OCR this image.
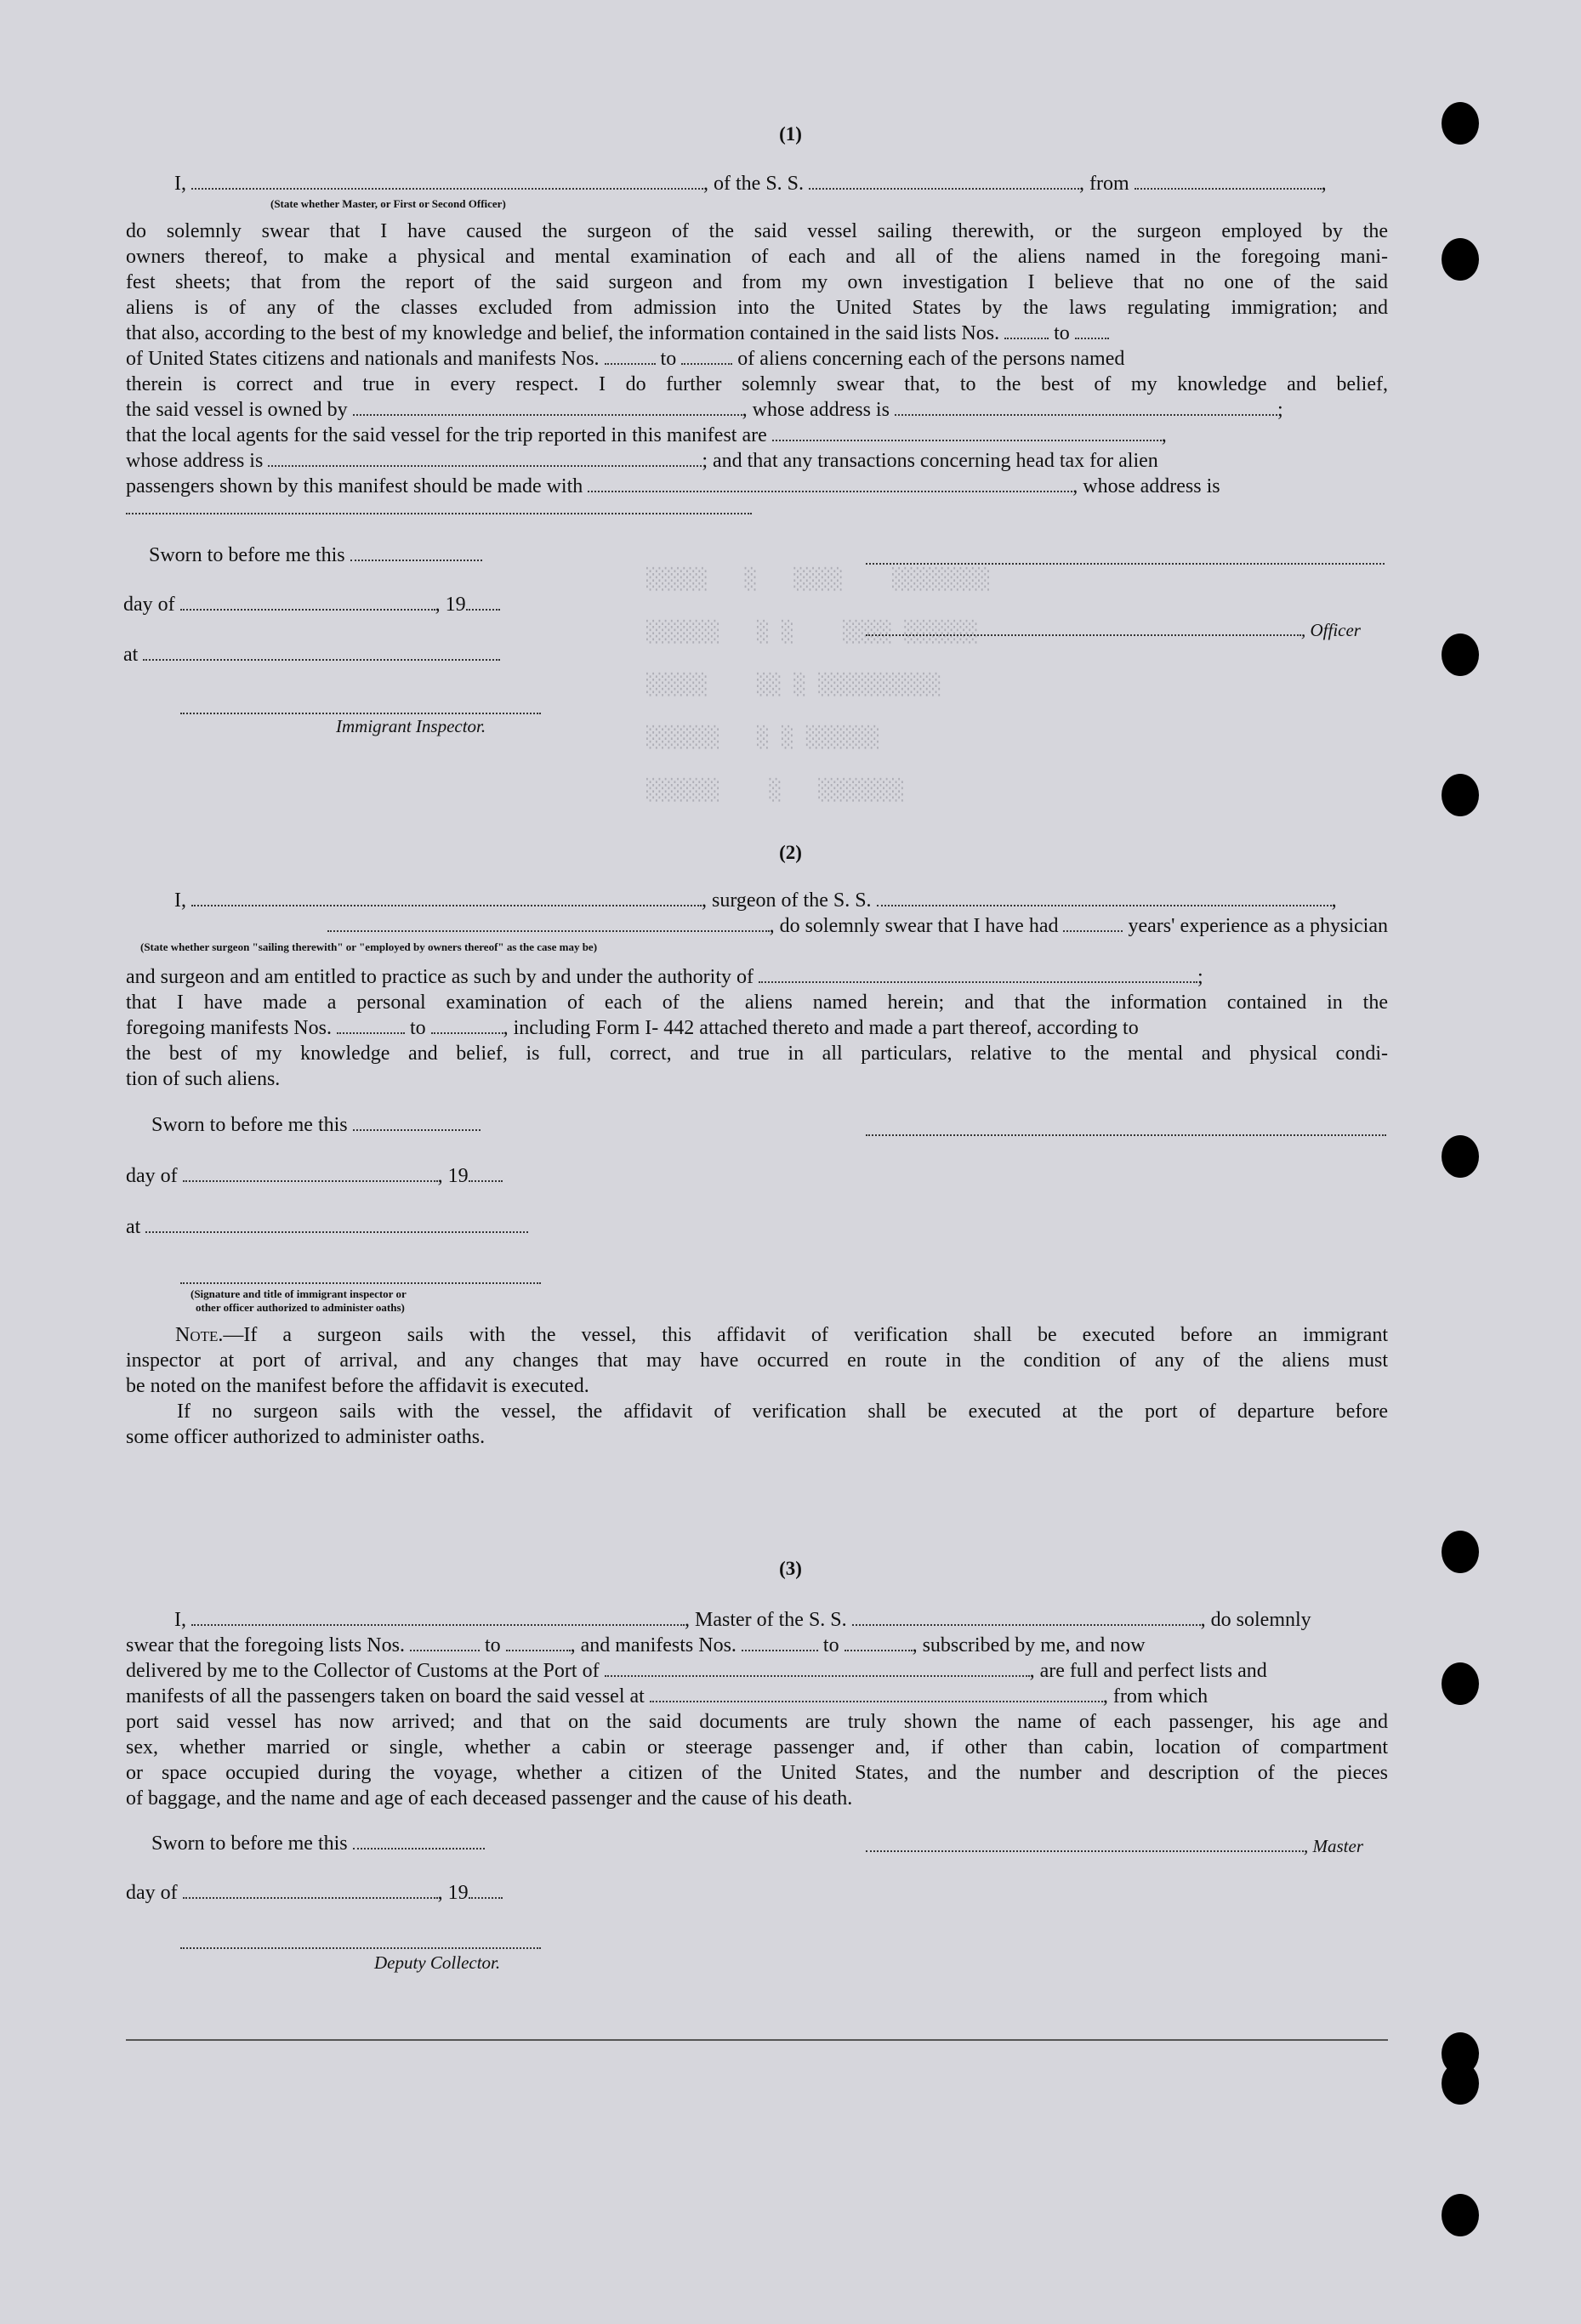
░░░░░   ░   ░░░░    ░░░░░░░░
░░░░░░   ░ ░    ░░░░ ░░░░░░
░░░░░    ░░ ░ ░░░░░░░░░░
░░░░░░   ░ ░ ░░░░░░
░░░░░░    ░   ░░░░░░░
(1)
I,	, of the S. S.	, from	,
(State whether Master, or First or Second Officer)
do solemnly swear that I have caused the surgeon of the said vessel sailing therewith, or the surgeon employed by the
owners thereof, to make a physical and mental examination of each and all of the aliens named in the foregoing mani-
fest sheets; that from the report of the said surgeon and from my own investigation I believe that no one of the said
aliens is of any of the classes excluded from admission into the United States by the laws regulating immigration; and
that also, according to the best of my knowledge and belief, the information contained in the said lists Nos.	to
of United States citizens and nationals and manifests Nos.	to	of aliens concerning each of the persons named
therein is correct and true in every respect. I do further solemnly swear that, to the best of my knowledge and belief,
the said vessel is owned by	, whose address is	;
that the local agents for the said vessel for the trip reported in this manifest are	,
whose address is	; and that any transactions concerning head tax for alien
passengers shown by this manifest should be made with	, whose address is
Sworn to before me this
day of	, 19
, Officer
at
Immigrant Inspector.
(2)
I,	, surgeon of the S. S.	,
, do solemnly swear that I have had	years' experience as a physician
(State whether surgeon "sailing therewith" or "employed by owners thereof" as the case may be)
and surgeon and am entitled to practice as such by and under the authority of	;
that I have made a personal examination of each of the aliens named herein; and that the information contained in the
foregoing manifests Nos.	to	, including Form I- 442 attached thereto and made a part thereof, according to
the best of my knowledge and belief, is full, correct, and true in all particulars, relative to the mental and physical condi-
tion of such aliens.
Sworn to before me this
day of	, 19
at
(Signature and title of immigrant inspector or
other officer authorized to administer oaths)
Note.—If a surgeon sails with the vessel, this affidavit of verification shall be executed before an immigrant
inspector at port of arrival, and any changes that may have occurred en route in the condition of any of the aliens must
be noted on the manifest before the affidavit is executed.
If no surgeon sails with the vessel, the affidavit of verification shall be executed at the port of departure before
some officer authorized to administer oaths.
(3)
I,	, Master of the S. S.	, do solemnly
swear that the foregoing lists Nos.	to	, and manifests Nos.	to	, subscribed by me, and now
delivered by me to the Collector of Customs at the Port of	, are full and perfect lists and
manifests of all the passengers taken on board the said vessel at	, from which
port said vessel has now arrived; and that on the said documents are truly shown the name of each passenger, his age and
sex, whether married or single, whether a cabin or steerage passenger and, if other than cabin, location of compartment
or space occupied during the voyage, whether a citizen of the United States, and the number and description of the pieces
of baggage, and the name and age of each deceased passenger and the cause of his death.
Sworn to before me this	, Master
day of	, 19
Deputy Collector.
